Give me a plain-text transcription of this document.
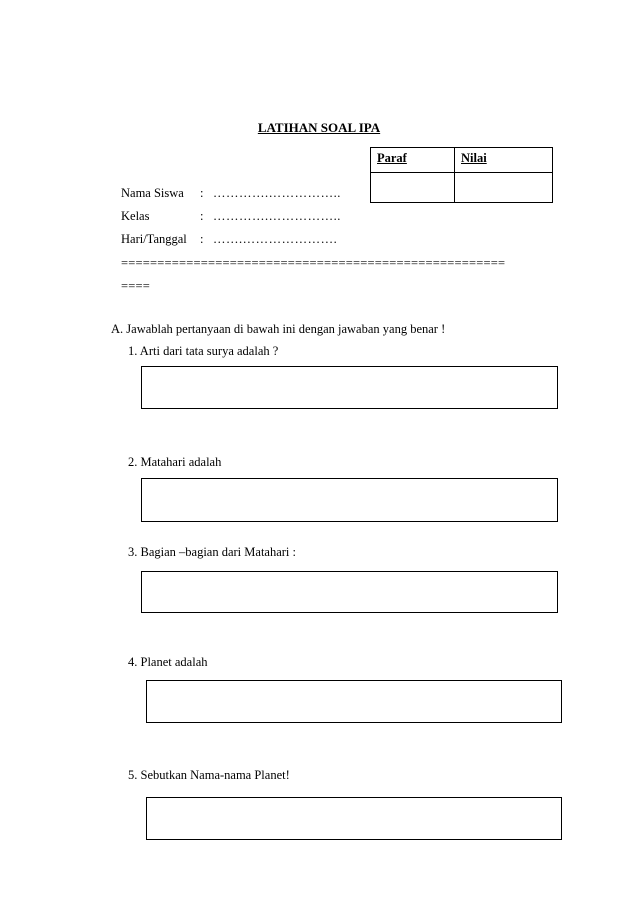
LATIHAN SOAL IPA
Paraf	Nilai

Nama Siswa : ………….……………..
Kelas	: ………….……………..
Hari/Tanggal : …….………………….
=====================================================
====
A. Jawablah pertanyaan di bawah ini dengan jawaban yang benar !
1. Arti dari tata surya adalah ?
2. Matahari adalah
3. Bagian –bagian dari Matahari :
4. Planet adalah
5. Sebutkan Nama-nama Planet!
